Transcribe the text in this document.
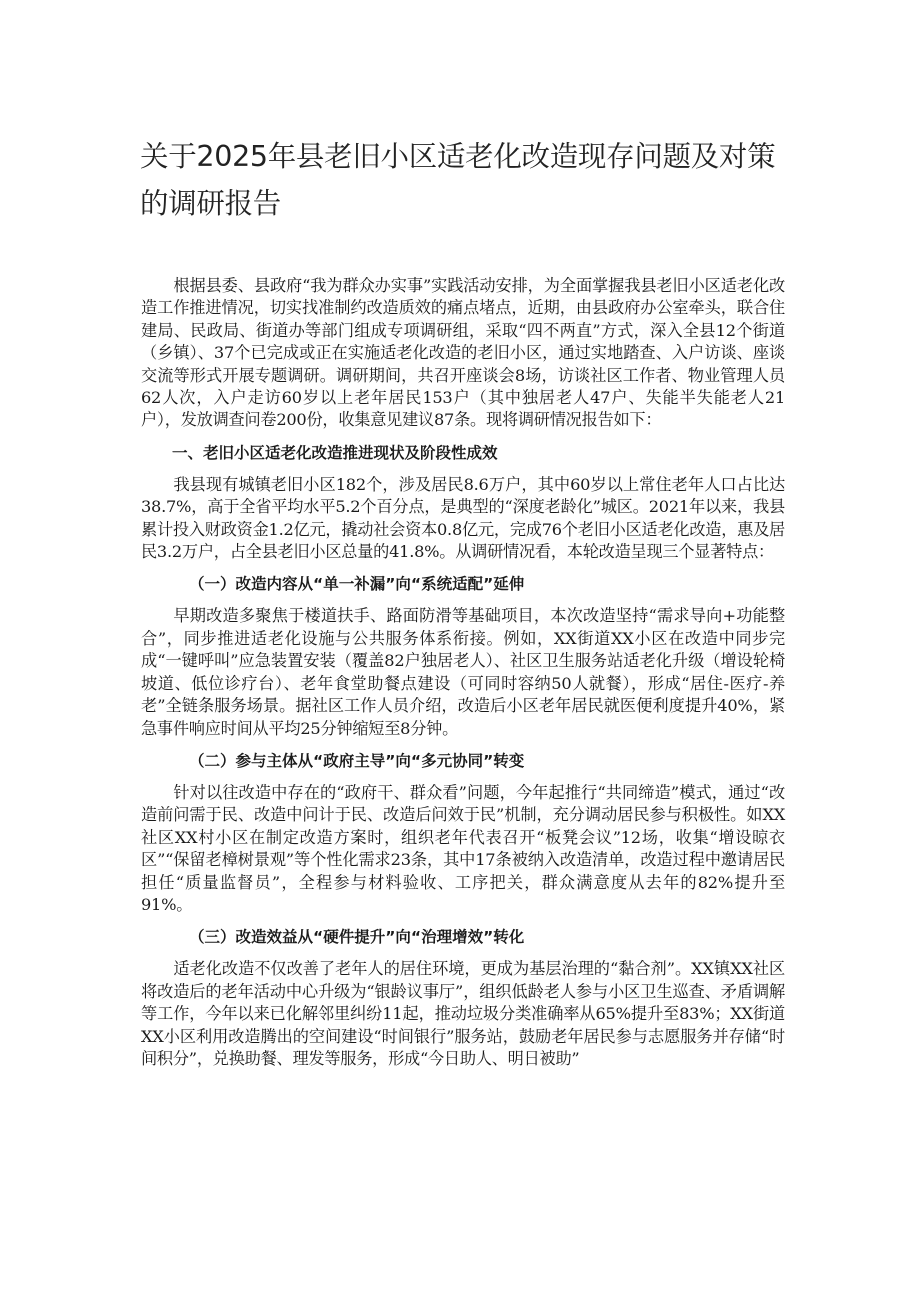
关于2025年县老旧小区适老化改造现存问题及对策的调研报告

根据县委、县政府“我为群众办实事”实践活动安排，为全面掌握我县老旧小区适老化改造工作推进情况，切实找准制约改造质效的痛点堵点，近期，由县政府办公室牵头，联合住建局、民政局、街道办等部门组成专项调研组，采取“四不两直”方式，深入全县12个街道（乡镇）、37个已完成或正在实施适老化改造的老旧小区，通过实地踏查、入户访谈、座谈交流等形式开展专题调研。调研期间，共召开座谈会8场，访谈社区工作者、物业管理人员62人次，入户走访60岁以上老年居民153户（其中独居老人47户、失能半失能老人21户），发放调查问卷200份，收集意见建议87条。现将调研情况报告如下：

一、老旧小区适老化改造推进现状及阶段性成效

我县现有城镇老旧小区182个，涉及居民8.6万户，其中60岁以上常住老年人口占比达38.7%，高于全省平均水平5.2个百分点，是典型的“深度老龄化”城区。2021年以来，我县累计投入财政资金1.2亿元，撬动社会资本0.8亿元，完成76个老旧小区适老化改造，惠及居民3.2万户，占全县老旧小区总量的41.8%。从调研情况看，本轮改造呈现三个显著特点：

（一）改造内容从“单一补漏”向“系统适配”延伸

早期改造多聚焦于楼道扶手、路面防滑等基础项目，本次改造坚持“需求导向+功能整合”，同步推进适老化设施与公共服务体系衔接。例如，XX街道XX小区在改造中同步完成“一键呼叫”应急装置安装（覆盖82户独居老人）、社区卫生服务站适老化升级（增设轮椅坡道、低位诊疗台）、老年食堂助餐点建设（可同时容纳50人就餐），形成“居住-医疗-养老”全链条服务场景。据社区工作人员介绍，改造后小区老年居民就医便利度提升40%，紧急事件响应时间从平均25分钟缩短至8分钟。

（二）参与主体从“政府主导”向“多元协同”转变

针对以往改造中存在的“政府干、群众看”问题，今年起推行“共同缔造”模式，通过“改造前问需于民、改造中问计于民、改造后问效于民”机制，充分调动居民参与积极性。如XX社区XX村小区在制定改造方案时，组织老年代表召开“板凳会议”12场，收集“增设晾衣区”“保留老樟树景观”等个性化需求23条，其中17条被纳入改造清单，改造过程中邀请居民担任“质量监督员”，全程参与材料验收、工序把关，群众满意度从去年的82%提升至91%。

（三）改造效益从“硬件提升”向“治理增效”转化

适老化改造不仅改善了老年人的居住环境，更成为基层治理的“黏合剂”。XX镇XX社区将改造后的老年活动中心升级为“银龄议事厅”，组织低龄老人参与小区卫生巡查、矛盾调解等工作，今年以来已化解邻里纠纷11起，推动垃圾分类准确率从65%提升至83%；XX街道XX小区利用改造腾出的空间建设“时间银行”服务站，鼓励老年居民参与志愿服务并存储“时间积分”，兑换助餐、理发等服务，形成“今日助人、明日被助”
